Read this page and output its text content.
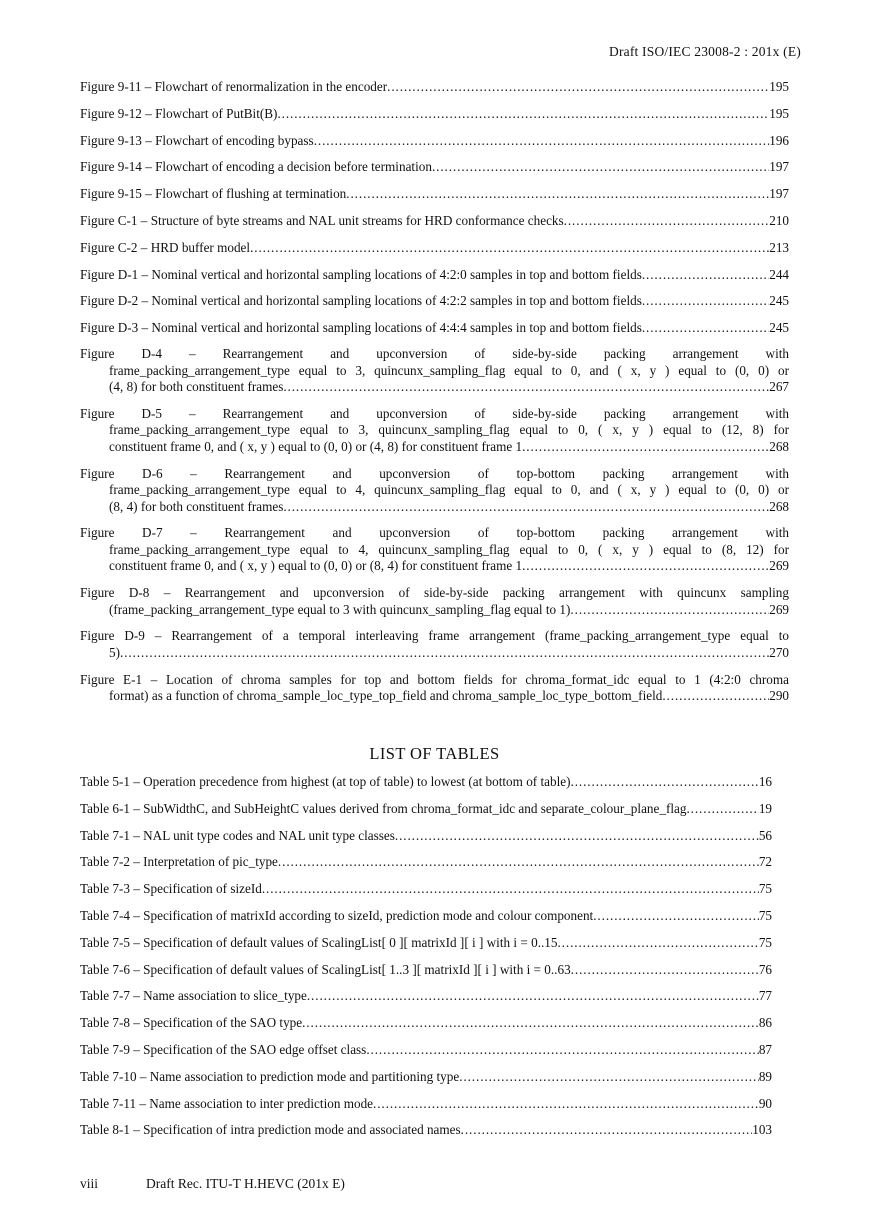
Draft ISO/IEC 23008-2 : 201x (E)
Figure 9-11 – Flowchart of renormalization in the encoder .....	195
Figure 9-12 – Flowchart of PutBit(B) .....	195
Figure 9-13 – Flowchart of encoding bypass .....	196
Figure 9-14 – Flowchart of encoding a decision before termination .....	197
Figure 9-15 – Flowchart of flushing at termination .....	197
Figure C-1 – Structure of byte streams and NAL unit streams for HRD conformance checks .....	210
Figure C-2 – HRD buffer model .....	213
Figure D-1 – Nominal vertical and horizontal sampling locations of 4:2:0 samples in top and bottom fields .....	244
Figure D-2 – Nominal vertical and horizontal sampling locations of 4:2:2 samples in top and bottom fields .....	245
Figure D-3 – Nominal vertical and horizontal sampling locations of 4:4:4 samples in top and bottom fields .....	245
Figure D-4 – Rearrangement and upconversion of side-by-side packing arrangement with
frame_packing_arrangement_type equal to 3, quincunx_sampling_flag equal to 0, and ( x, y ) equal to (0, 0) or
(4, 8) for both constituent frames .....	267
Figure D-5 – Rearrangement and upconversion of side-by-side packing arrangement with
frame_packing_arrangement_type equal to 3, quincunx_sampling_flag equal to 0, ( x, y ) equal to (12, 8) for
constituent frame 0, and ( x, y ) equal to (0, 0) or (4, 8) for constituent frame 1 .....	268
Figure D-6 – Rearrangement and upconversion of top-bottom packing arrangement with
frame_packing_arrangement_type equal to 4, quincunx_sampling_flag equal to 0, and ( x, y ) equal to (0, 0) or
(8, 4) for both constituent frames .....	268
Figure D-7 – Rearrangement and upconversion of top-bottom packing arrangement with
frame_packing_arrangement_type equal to 4, quincunx_sampling_flag equal to 0, ( x, y ) equal to (8, 12) for
constituent frame 0, and ( x, y ) equal to (0, 0) or (8, 4) for constituent frame 1 .....	269
Figure D-8 – Rearrangement and upconversion of side-by-side packing arrangement with quincunx sampling
(frame_packing_arrangement_type equal to 3 with quincunx_sampling_flag equal to 1) .....	269
Figure D-9 – Rearrangement of a temporal interleaving frame arrangement (frame_packing_arrangement_type equal to
5) .....	270
Figure E-1 – Location of chroma samples for top and bottom fields for chroma_format_idc equal to 1 (4:2:0 chroma
format) as a function of chroma_sample_loc_type_top_field and chroma_sample_loc_type_bottom_field .....	290
LIST OF TABLES
Table 5-1 – Operation precedence from highest (at top of table) to lowest (at bottom of table) .....	16
Table 6-1 – SubWidthC, and SubHeightC values derived from chroma_format_idc and separate_colour_plane_flag .....	19
Table 7-1 – NAL unit type codes and NAL unit type classes .....	56
Table 7-2 – Interpretation of pic_type .....	72
Table 7-3 – Specification of sizeId .....	75
Table 7-4 – Specification of matrixId according to sizeId, prediction mode and colour component .....	75
Table 7-5 – Specification of default values of ScalingList[ 0 ][ matrixId ][ i ] with i = 0..15 .....	75
Table 7-6 – Specification of default values of ScalingList[ 1..3 ][ matrixId ][ i ] with i = 0..63 .....	76
Table 7-7 – Name association to slice_type .....	77
Table 7-8 – Specification of the SAO type .....	86
Table 7-9 – Specification of the SAO edge offset class .....	87
Table 7-10 – Name association to prediction mode and partitioning type .....	89
Table 7-11 – Name association to inter prediction mode .....	90
Table 8-1 – Specification of intra prediction mode and associated names .....	103
viii	Draft Rec. ITU-T H.HEVC (201x E)
